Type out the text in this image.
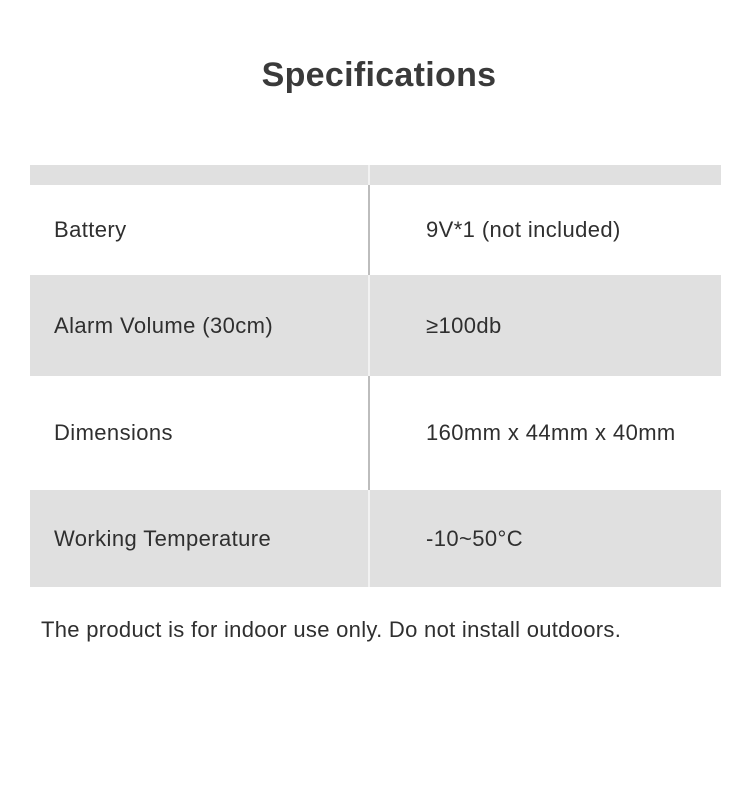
Specifications
Battery	9V*1 (not included)
Alarm Volume (30cm)	≥100db
Dimensions	160mm x 44mm x 40mm
Working Temperature	-10~50°C
The product is for indoor use only. Do not install outdoors.
